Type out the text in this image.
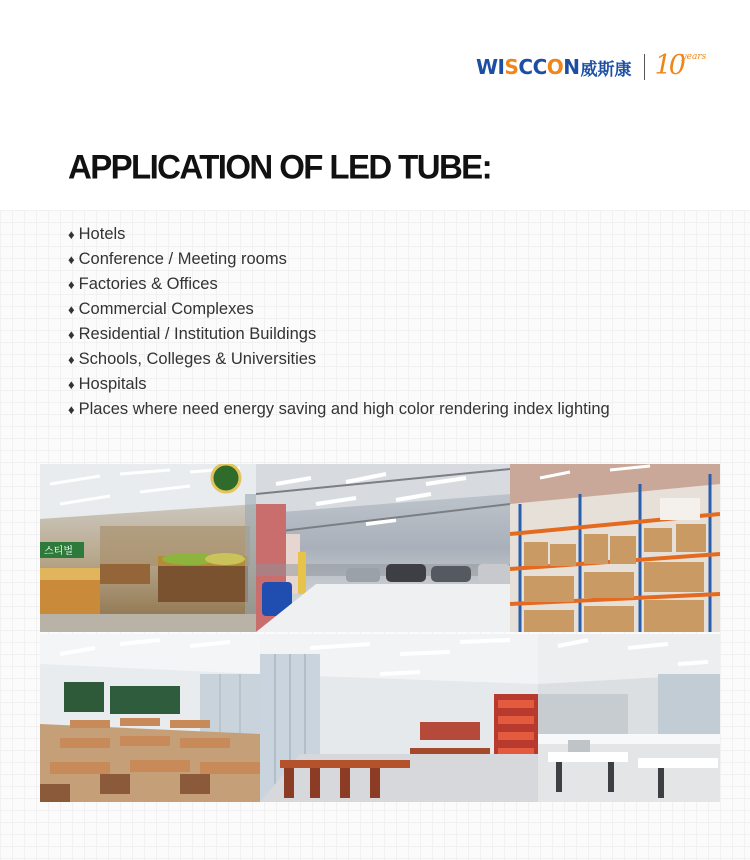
WISCCON 威斯康 10
years
APPLICATION OF LED TUBE:
♦ Hotels
♦ Conference / Meeting rooms
♦ Factories & Offices
♦ Commercial Complexes
♦ Residential / Institution Buildings
♦ Schools, Colleges & Universities
♦ Hospitals
♦ Places where need energy saving and high color rendering index lighting
스티벌
